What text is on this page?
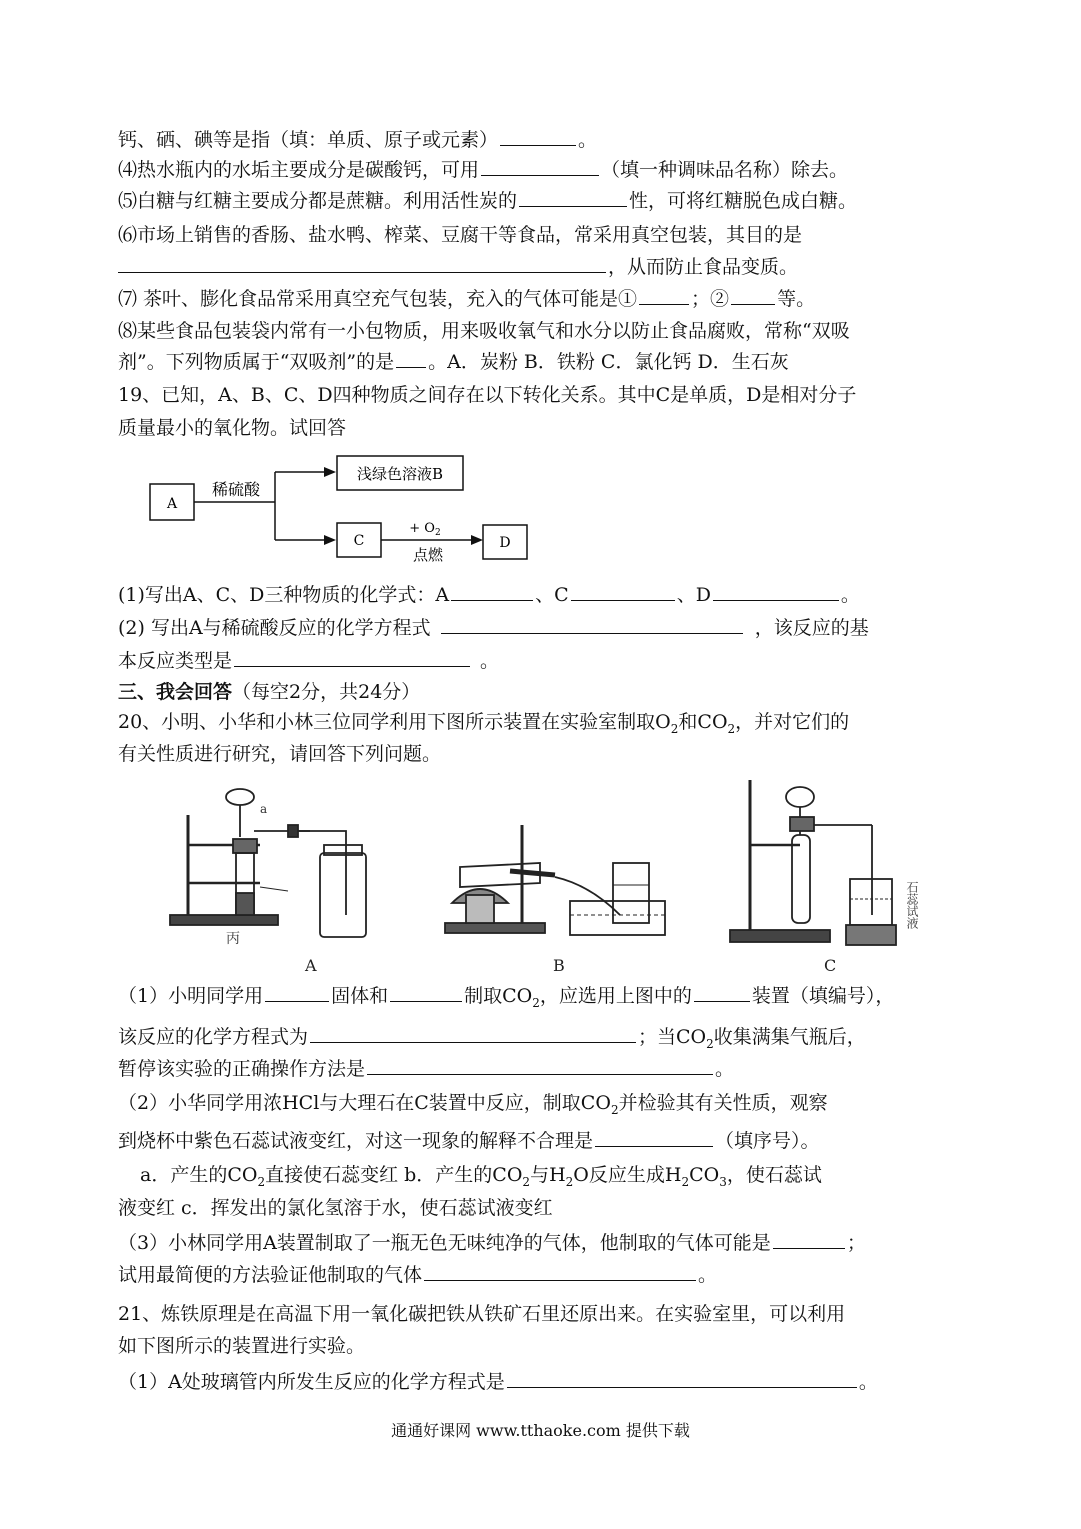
钙、硒、碘等是指（填：单质、原子或元素）	。
⑷热水瓶内的水垢主要成分是碳酸钙，可用	（填一种调味品名称）除去。
⑸白糖与红糖主要成分都是蔗糖。利用活性炭的	性，可将红糖脱色成白糖。
⑹市场上销售的香肠、盐水鸭、榨菜、豆腐干等食品，常采用真空包装，其目的是
，从而防止食品变质。
⑺ 茶叶、膨化食品常采用真空充气包装，充入的气体可能是①	；②	等。
⑻某些食品包装袋内常有一小包物质，用来吸收氧气和水分以防止食品腐败，常称“双吸
剂”。下列物质属于“双吸剂”的是 。A．炭粉 B．铁粉 C．氯化钙 D．生石灰
19、已知，A、B、C、D四种物质之间存在以下转化关系。其中C是单质，D是相对分子
质量最小的氧化物。试回答
A
稀硫酸
浅绿色溶液B
C
+ $O_2$
点燃
D
(1)写出A、C、D三种物质的化学式：A	、C	、D	。
(2) 写出A与稀硫酸反应的化学方程式	，该反应的基
本反应类型是	。
三、我会回答（每空2分，共24分）
20、小明、小华和小林三位同学利用下图所示装置在实验室制取$O_2$和$CO_2$，并对它们的
有关性质进行研究，请回答下列问题。
a
丙
石蕊试液
A	B	C
（1）小明同学用	固体和	制取$CO_2$，应选用上图中的	装置（填编号），
该反应的化学方程式为	；当$CO_2$收集满集气瓶后，
暂停该实验的正确操作方法是	。
（2）小华同学用浓HCl与大理石在C装置中反应，制取$CO_2$并检验其有关性质，观察
到烧杯中紫色石蕊试液变红，对这一现象的解释不合理是	（填序号）。
a．产生的$CO_2$直接使石蕊变红 b．产生的$CO_2$与$H_2O$反应生成$H_2CO_3$，使石蕊试
液变红 c．挥发出的氯化氢溶于水，使石蕊试液变红
（3）小林同学用A装置制取了一瓶无色无味纯净的气体，他制取的气体可能是	；
试用最简便的方法验证他制取的气体	。
21、炼铁原理是在高温下用一氧化碳把铁从铁矿石里还原出来。在实验室里，可以利用
如下图所示的装置进行实验。
（1）A处玻璃管内所发生反应的化学方程式是	。
通通好课网 www.tthaoke.com 提供下载
